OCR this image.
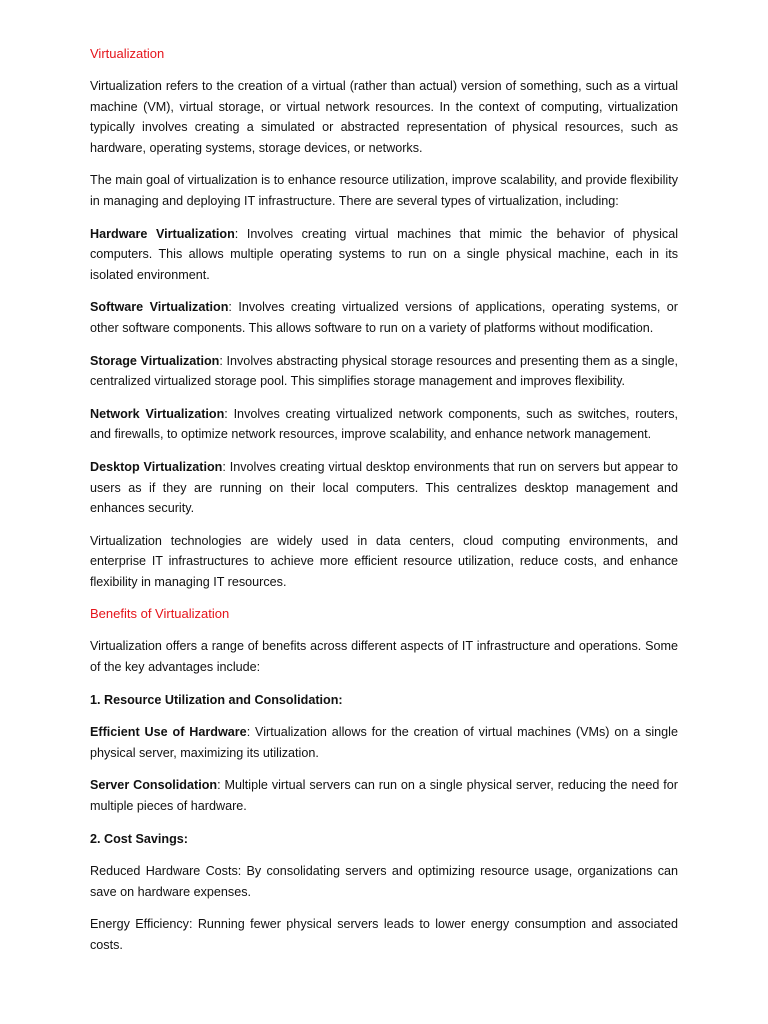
Virtualization

Virtualization refers to the creation of a virtual (rather than actual) version of something, such as a virtual machine (VM), virtual storage, or virtual network resources. In the context of computing, virtualization typically involves creating a simulated or abstracted representation of physical resources, such as hardware, operating systems, storage devices, or networks.

The main goal of virtualization is to enhance resource utilization, improve scalability, and provide flexibility in managing and deploying IT infrastructure. There are several types of virtualization, including:

Hardware Virtualization: Involves creating virtual machines that mimic the behavior of physical computers. This allows multiple operating systems to run on a single physical machine, each in its isolated environment.

Software Virtualization: Involves creating virtualized versions of applications, operating systems, or other software components. This allows software to run on a variety of platforms without modification.

Storage Virtualization: Involves abstracting physical storage resources and presenting them as a single, centralized virtualized storage pool. This simplifies storage management and improves flexibility.

Network Virtualization: Involves creating virtualized network components, such as switches, routers, and firewalls, to optimize network resources, improve scalability, and enhance network management.

Desktop Virtualization: Involves creating virtual desktop environments that run on servers but appear to users as if they are running on their local computers. This centralizes desktop management and enhances security.

Virtualization technologies are widely used in data centers, cloud computing environments, and enterprise IT infrastructures to achieve more efficient resource utilization, reduce costs, and enhance flexibility in managing IT resources.

Benefits of Virtualization

Virtualization offers a range of benefits across different aspects of IT infrastructure and operations. Some of the key advantages include:

1. Resource Utilization and Consolidation:

Efficient Use of Hardware: Virtualization allows for the creation of virtual machines (VMs) on a single physical server, maximizing its utilization.

Server Consolidation: Multiple virtual servers can run on a single physical server, reducing the need for multiple pieces of hardware.

2. Cost Savings:

Reduced Hardware Costs: By consolidating servers and optimizing resource usage, organizations can save on hardware expenses.

Energy Efficiency: Running fewer physical servers leads to lower energy consumption and associated costs.
